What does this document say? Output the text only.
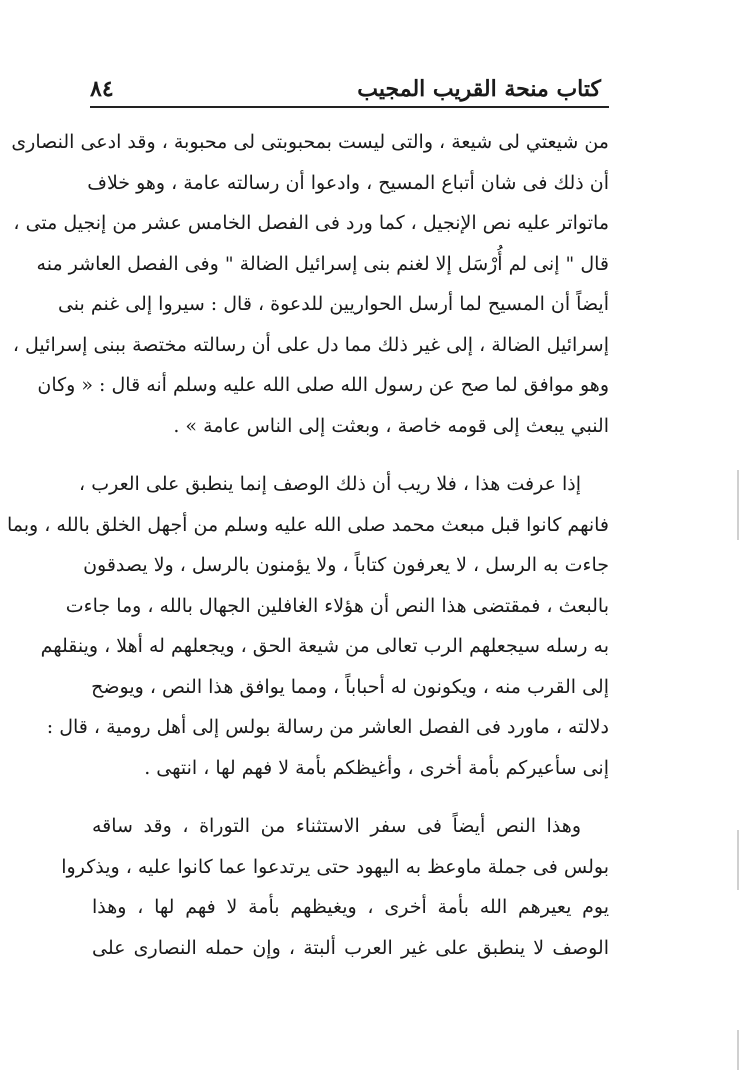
كتاب منحة القريب المجيب
٨٤
من شيعتي لى شيعة ، والتى ليست بمحبوبتى لى محبوبة ، وقد ادعى النصارى
أن ذلك فى شان أتباع المسيح ، وادعوا أن رسالته عامة ، وهو خلاف
ماتواتر عليه نص الإنجيل ، كما ورد فى الفصل الخامس عشر من إنجيل متى ،
قال " إنى لم أُرْسَل إلا لغنم بنى إسرائيل الضالة " وفى الفصل العاشر منه
أيضاً أن المسيح لما أرسل الحواريين للدعوة ، قال : سيروا إلى غنم بنى
إسرائيل الضالة ، إلى غير ذلك مما دل على أن رسالته مختصة ببنى إسرائيل ،
وهو موافق لما صح عن رسول الله صلى الله عليه وسلم أنه قال : « وكان
النبي يبعث إلى قومه خاصة ، وبعثت إلى الناس عامة » .
إذا عرفت هذا ، فلا ريب أن ذلك الوصف إنما ينطبق على العرب ،
فانهم كانوا قبل مبعث محمد صلى الله عليه وسلم من أجهل الخلق بالله ، وبما
جاءت به الرسل ، لا يعرفون كتاباً ، ولا يؤمنون بالرسل ، ولا يصدقون
بالبعث ، فمقتضى هذا النص أن هؤلاء الغافلين الجهال بالله ، وما جاءت
به رسله سيجعلهم الرب تعالى من شيعة الحق ، ويجعلهم له أهلا ، وينقلهم
إلى القرب منه ، ويكونون له أحباباً ، ومما يوافق هذا النص ، ويوضح
دلالته ، ماورد فى الفصل العاشر من رسالة بولس إلى أهل رومية ، قال :
إنى سأعيركم بأمة أخرى ، وأغيظكم بأمة لا فهم لها ، انتهى .
وهذا النص أيضاً فى سفر الاستثناء من التوراة ، وقد ساقه
بولس فى جملة ماوعظ به اليهود حتى يرتدعوا عما كانوا عليه ، ويذكروا
يوم يعيرهم الله بأمة أخرى ، ويغيظهم بأمة لا فهم لها ، وهذا
الوصف لا ينطبق على غير العرب ألبتة ، وإن حمله النصارى على
